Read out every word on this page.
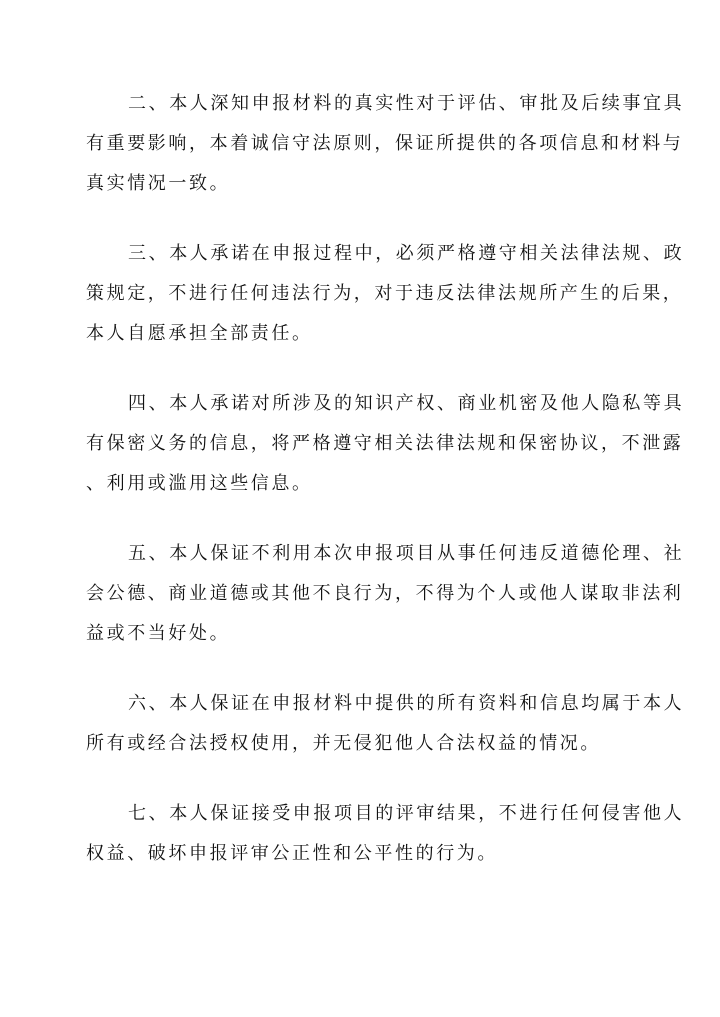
二、本人深知申报材料的真实性对于评估、审批及后续事宜具
有重要影响，本着诚信守法原则，保证所提供的各项信息和材料与
真实情况一致。

三、本人承诺在申报过程中，必须严格遵守相关法律法规、政
策规定，不进行任何违法行为，对于违反法律法规所产生的后果，
本人自愿承担全部责任。

四、本人承诺对所涉及的知识产权、商业机密及他人隐私等具
有保密义务的信息，将严格遵守相关法律法规和保密协议，不泄露
、利用或滥用这些信息。

五、本人保证不利用本次申报项目从事任何违反道德伦理、社
会公德、商业道德或其他不良行为，不得为个人或他人谋取非法利
益或不当好处。

六、本人保证在申报材料中提供的所有资料和信息均属于本人
所有或经合法授权使用，并无侵犯他人合法权益的情况。

七、本人保证接受申报项目的评审结果，不进行任何侵害他人
权益、破坏申报评审公正性和公平性的行为。
